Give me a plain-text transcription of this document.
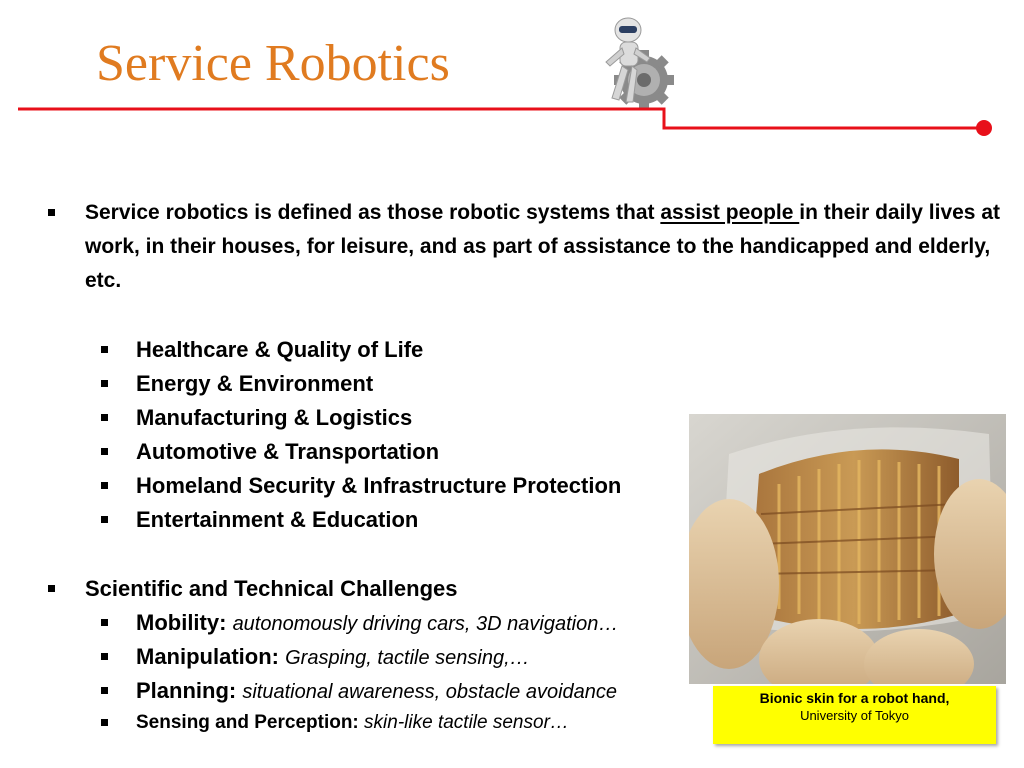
Service Robotics
Service robotics is defined as those robotic systems that assist people in their daily lives at work, in their houses, for leisure, and as part of assistance to the handicapped and elderly, etc.
Healthcare & Quality of Life
Energy & Environment
Manufacturing & Logistics
Automotive & Transportation
Homeland Security & Infrastructure Protection
Entertainment & Education
Scientific and Technical Challenges
Mobility: autonomously driving cars, 3D navigation…
Manipulation: Grasping, tactile sensing,…
Planning: situational awareness, obstacle avoidance
Sensing and Perception: skin-like tactile sensor…
Bionic skin for a robot hand,
University of Tokyo
